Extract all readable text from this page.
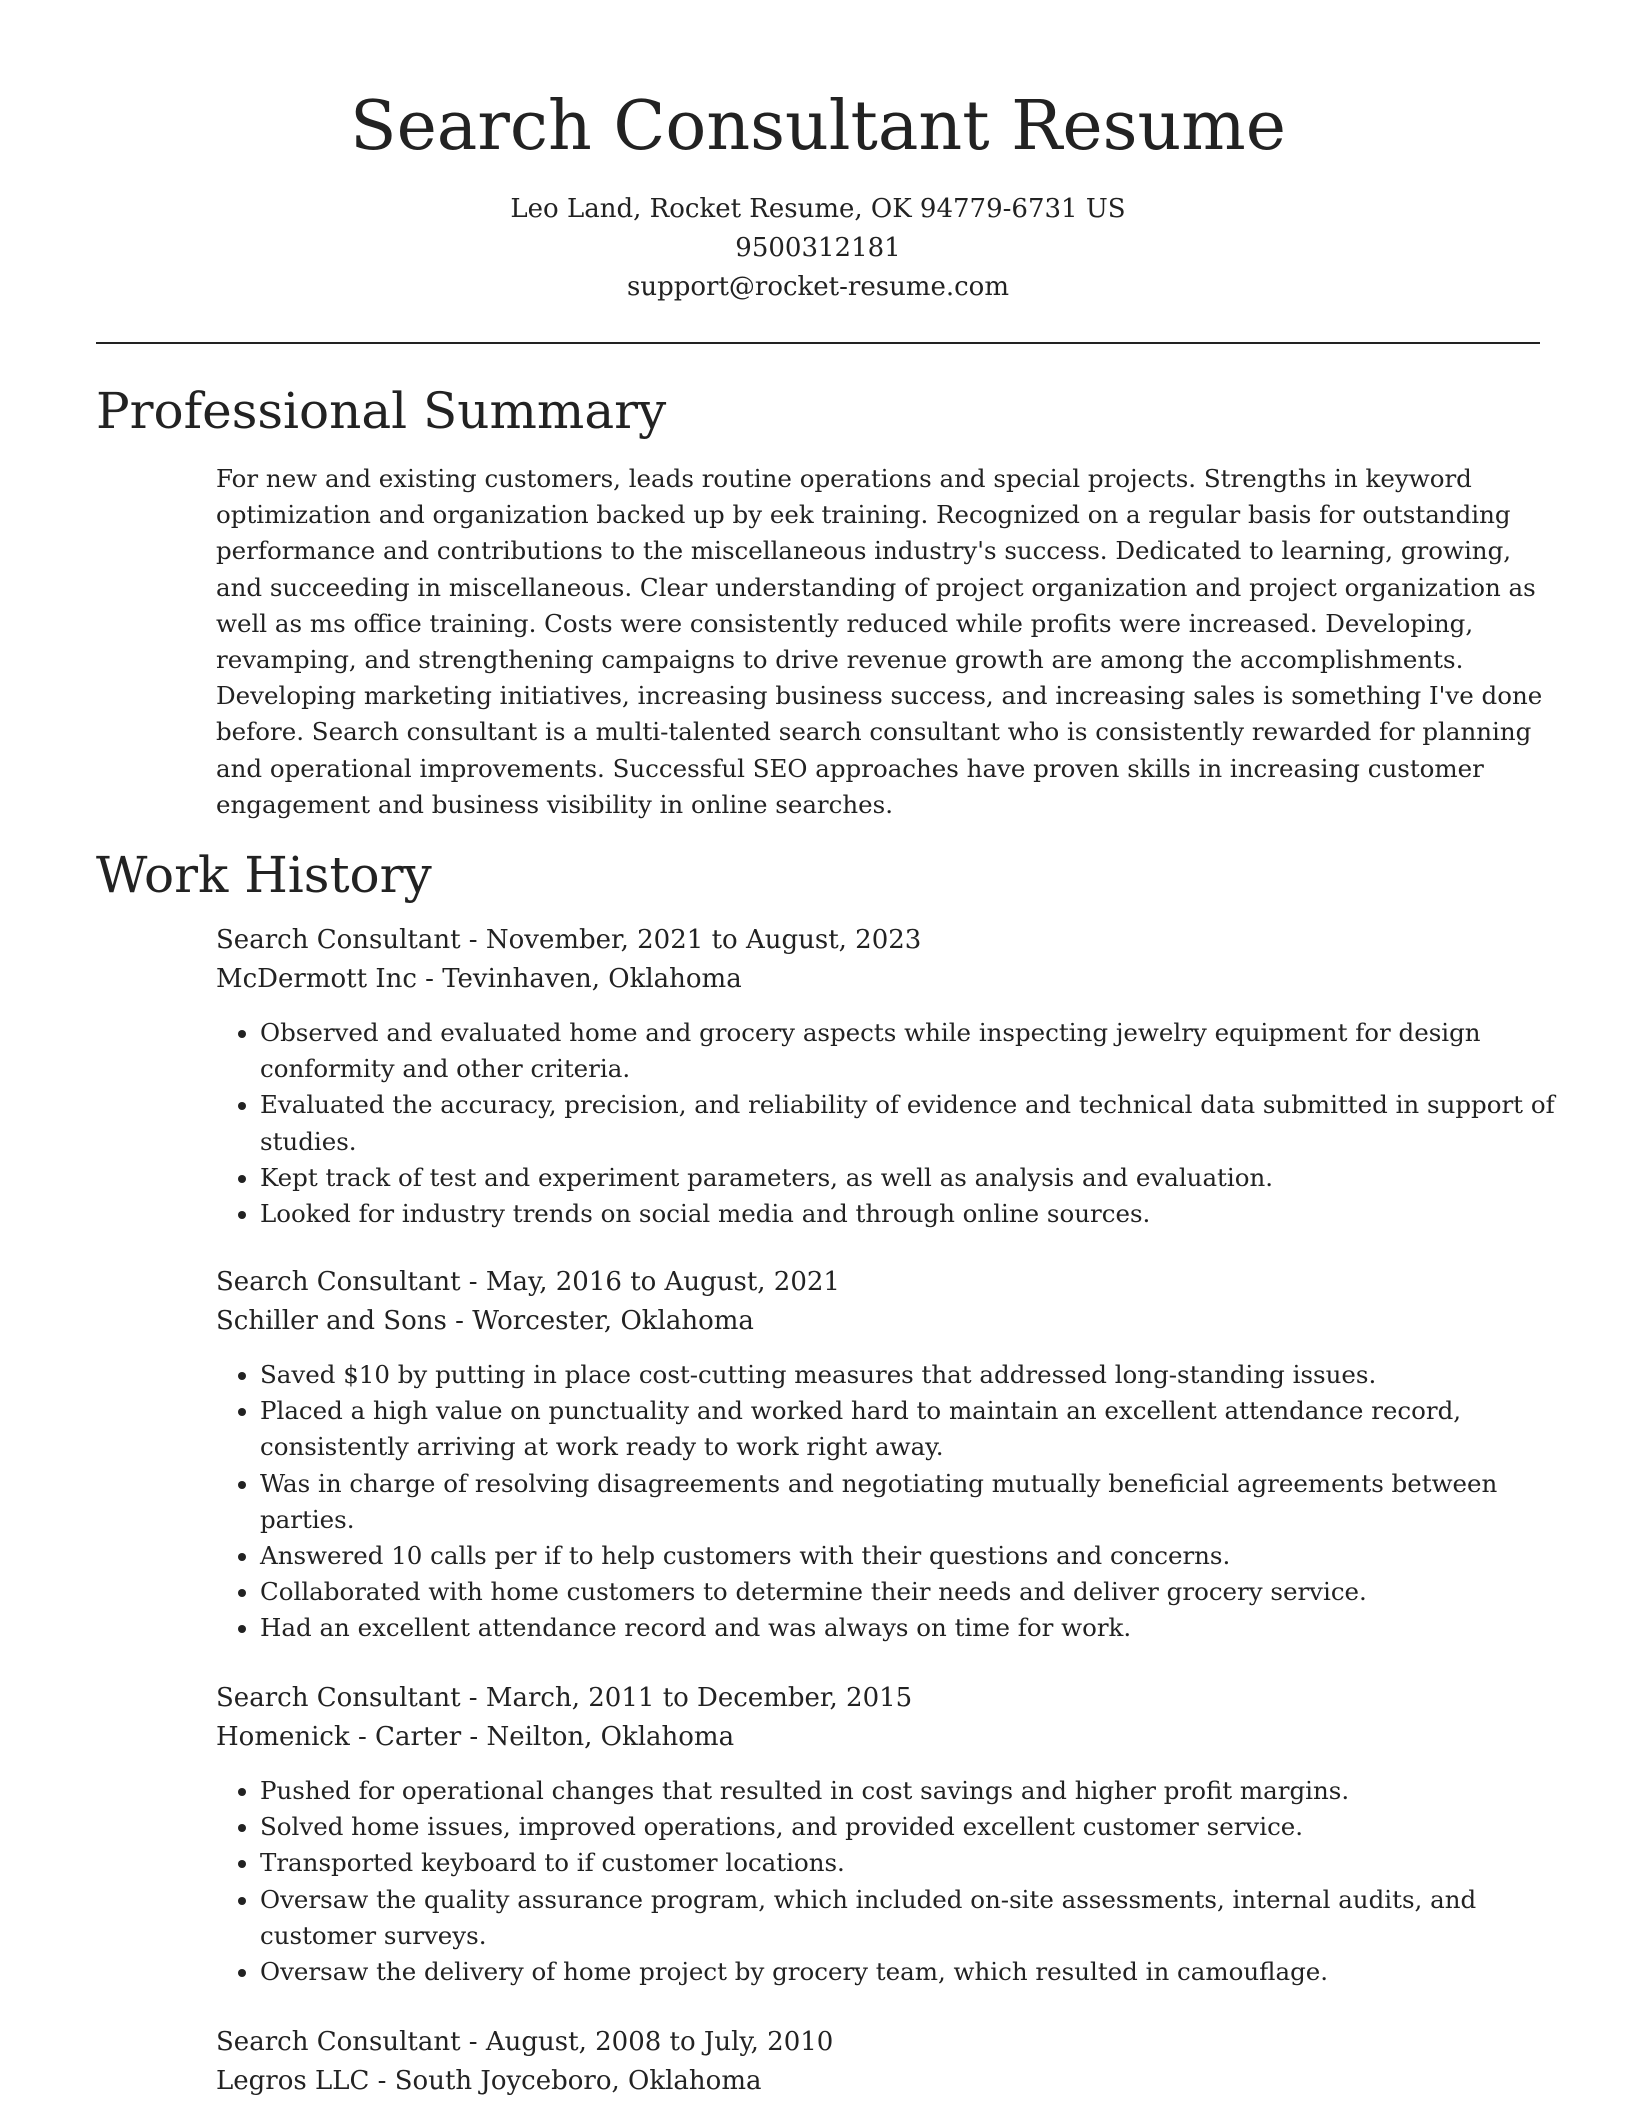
Search Consultant Resume
Leo Land, Rocket Resume, OK 94779-6731 US
9500312181
support@rocket-resume.com
Professional Summary

For new and existing customers, leads routine operations and special projects. Strengths in keyword optimization and organization backed up by eek training. Recognized on a regular basis for outstanding performance and contributions to the miscellaneous industry's success. Dedicated to learning, growing, and succeeding in miscellaneous. Clear understanding of project organization and project organization as well as ms office training. Costs were consistently reduced while profits were increased. Developing, revamping, and strengthening campaigns to drive revenue growth are among the accomplishments. Developing marketing initiatives, increasing business success, and increasing sales is something I've done before. Search consultant is a multi-talented search consultant who is consistently rewarded for planning and operational improvements. Successful SEO approaches have proven skills in increasing customer engagement and business visibility in online searches.

Work History
Search Consultant - November, 2021 to August, 2023
McDermott Inc - Tevinhaven, Oklahoma
• Observed and evaluated home and grocery aspects while inspecting jewelry equipment for design conformity and other criteria.
• Evaluated the accuracy, precision, and reliability of evidence and technical data submitted in support of studies.
• Kept track of test and experiment parameters, as well as analysis and evaluation.
• Looked for industry trends on social media and through online sources.
Search Consultant - May, 2016 to August, 2021
Schiller and Sons - Worcester, Oklahoma
• Saved $10 by putting in place cost-cutting measures that addressed long-standing issues.
• Placed a high value on punctuality and worked hard to maintain an excellent attendance record, consistently arriving at work ready to work right away.
• Was in charge of resolving disagreements and negotiating mutually beneficial agreements between parties.
• Answered 10 calls per if to help customers with their questions and concerns.
• Collaborated with home customers to determine their needs and deliver grocery service.
• Had an excellent attendance record and was always on time for work.
Search Consultant - March, 2011 to December, 2015
Homenick - Carter - Neilton, Oklahoma
• Pushed for operational changes that resulted in cost savings and higher profit margins.
• Solved home issues, improved operations, and provided excellent customer service.
• Transported keyboard to if customer locations.
• Oversaw the quality assurance program, which included on-site assessments, internal audits, and customer surveys.
• Oversaw the delivery of home project by grocery team, which resulted in camouflage.
Search Consultant - August, 2008 to July, 2010
Legros LLC - South Joyceboro, Oklahoma
